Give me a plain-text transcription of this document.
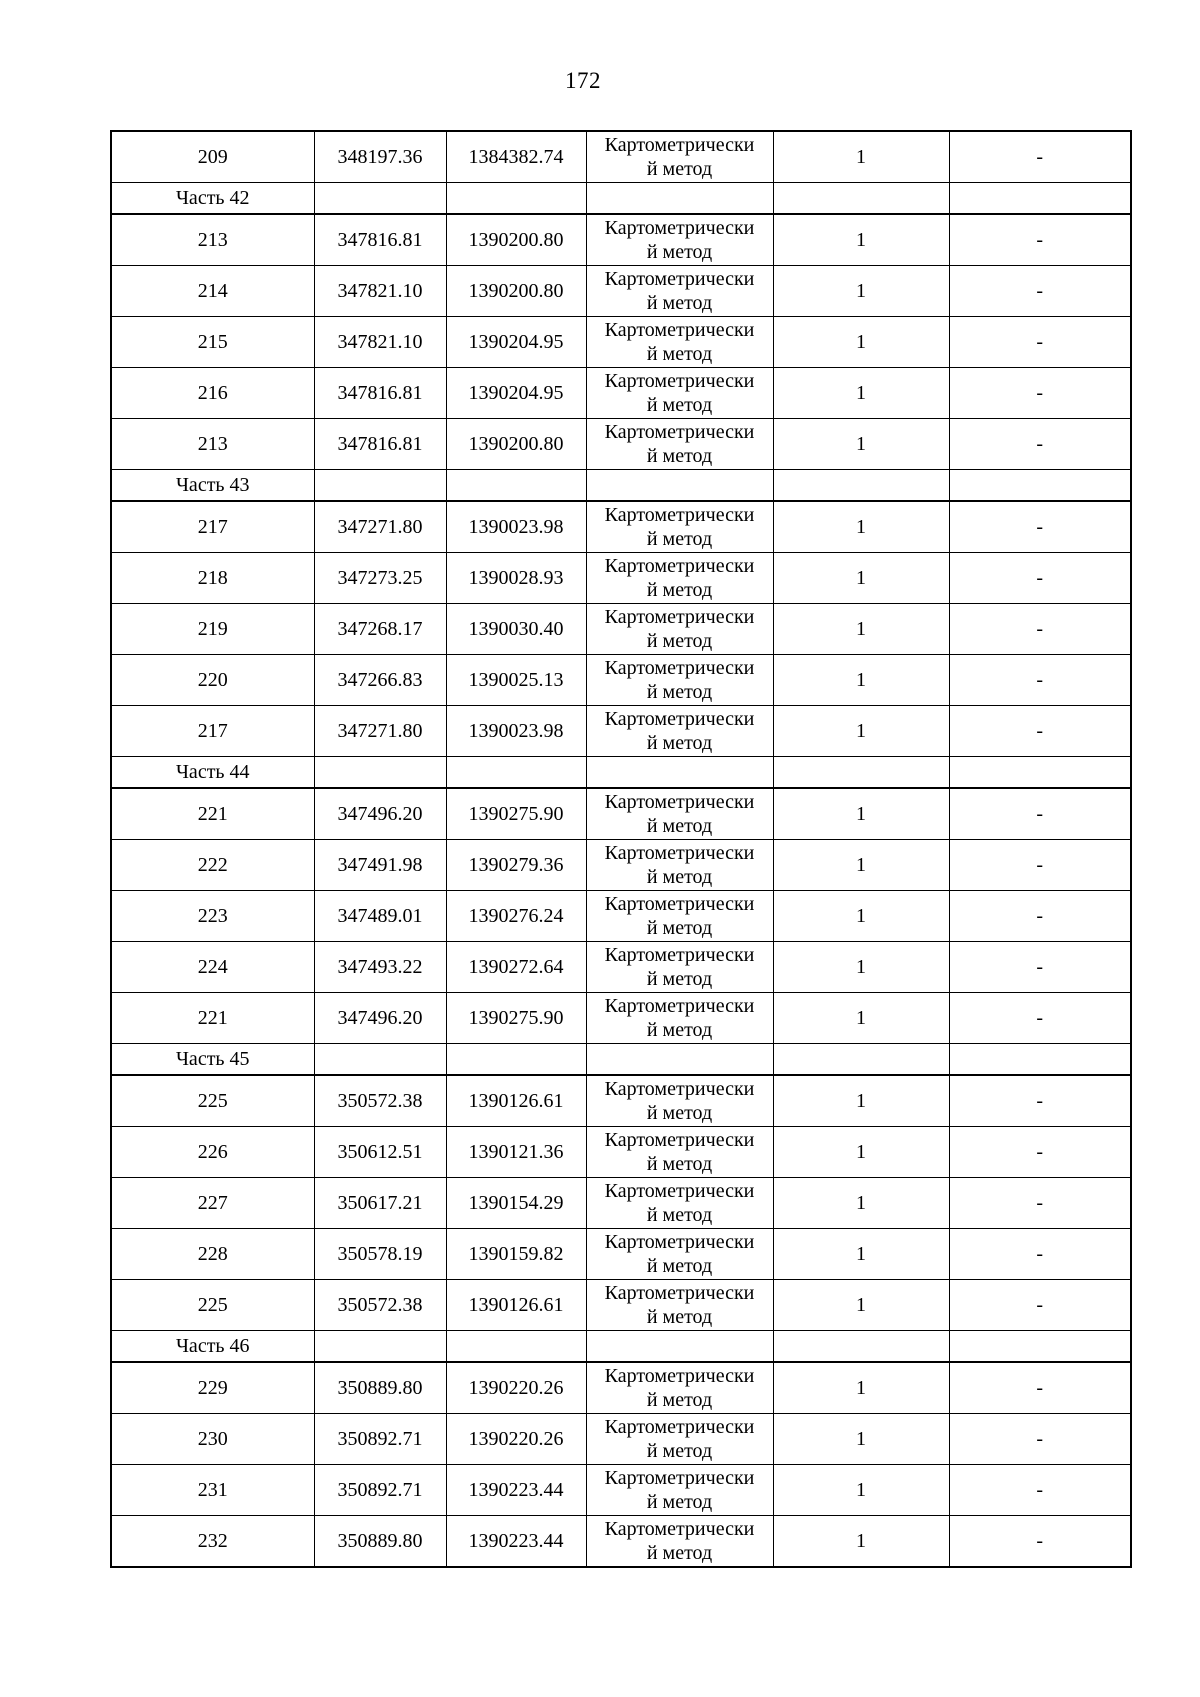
172
209	348197.36	1384382.74	Картометрически
й метод	1	-
Часть 42					
213	347816.81	1390200.80	Картометрически
й метод	1	-
214	347821.10	1390200.80	Картометрически
й метод	1	-
215	347821.10	1390204.95	Картометрически
й метод	1	-
216	347816.81	1390204.95	Картометрически
й метод	1	-
213	347816.81	1390200.80	Картометрически
й метод	1	-
Часть 43					
217	347271.80	1390023.98	Картометрически
й метод	1	-
218	347273.25	1390028.93	Картометрически
й метод	1	-
219	347268.17	1390030.40	Картометрически
й метод	1	-
220	347266.83	1390025.13	Картометрически
й метод	1	-
217	347271.80	1390023.98	Картометрически
й метод	1	-
Часть 44					
221	347496.20	1390275.90	Картометрически
й метод	1	-
222	347491.98	1390279.36	Картометрически
й метод	1	-
223	347489.01	1390276.24	Картометрически
й метод	1	-
224	347493.22	1390272.64	Картометрически
й метод	1	-
221	347496.20	1390275.90	Картометрически
й метод	1	-
Часть 45					
225	350572.38	1390126.61	Картометрически
й метод	1	-
226	350612.51	1390121.36	Картометрически
й метод	1	-
227	350617.21	1390154.29	Картометрически
й метод	1	-
228	350578.19	1390159.82	Картометрически
й метод	1	-
225	350572.38	1390126.61	Картометрически
й метод	1	-
Часть 46					
229	350889.80	1390220.26	Картометрически
й метод	1	-
230	350892.71	1390220.26	Картометрически
й метод	1	-
231	350892.71	1390223.44	Картометрически
й метод	1	-
232	350889.80	1390223.44	Картометрически
й метод	1	-
